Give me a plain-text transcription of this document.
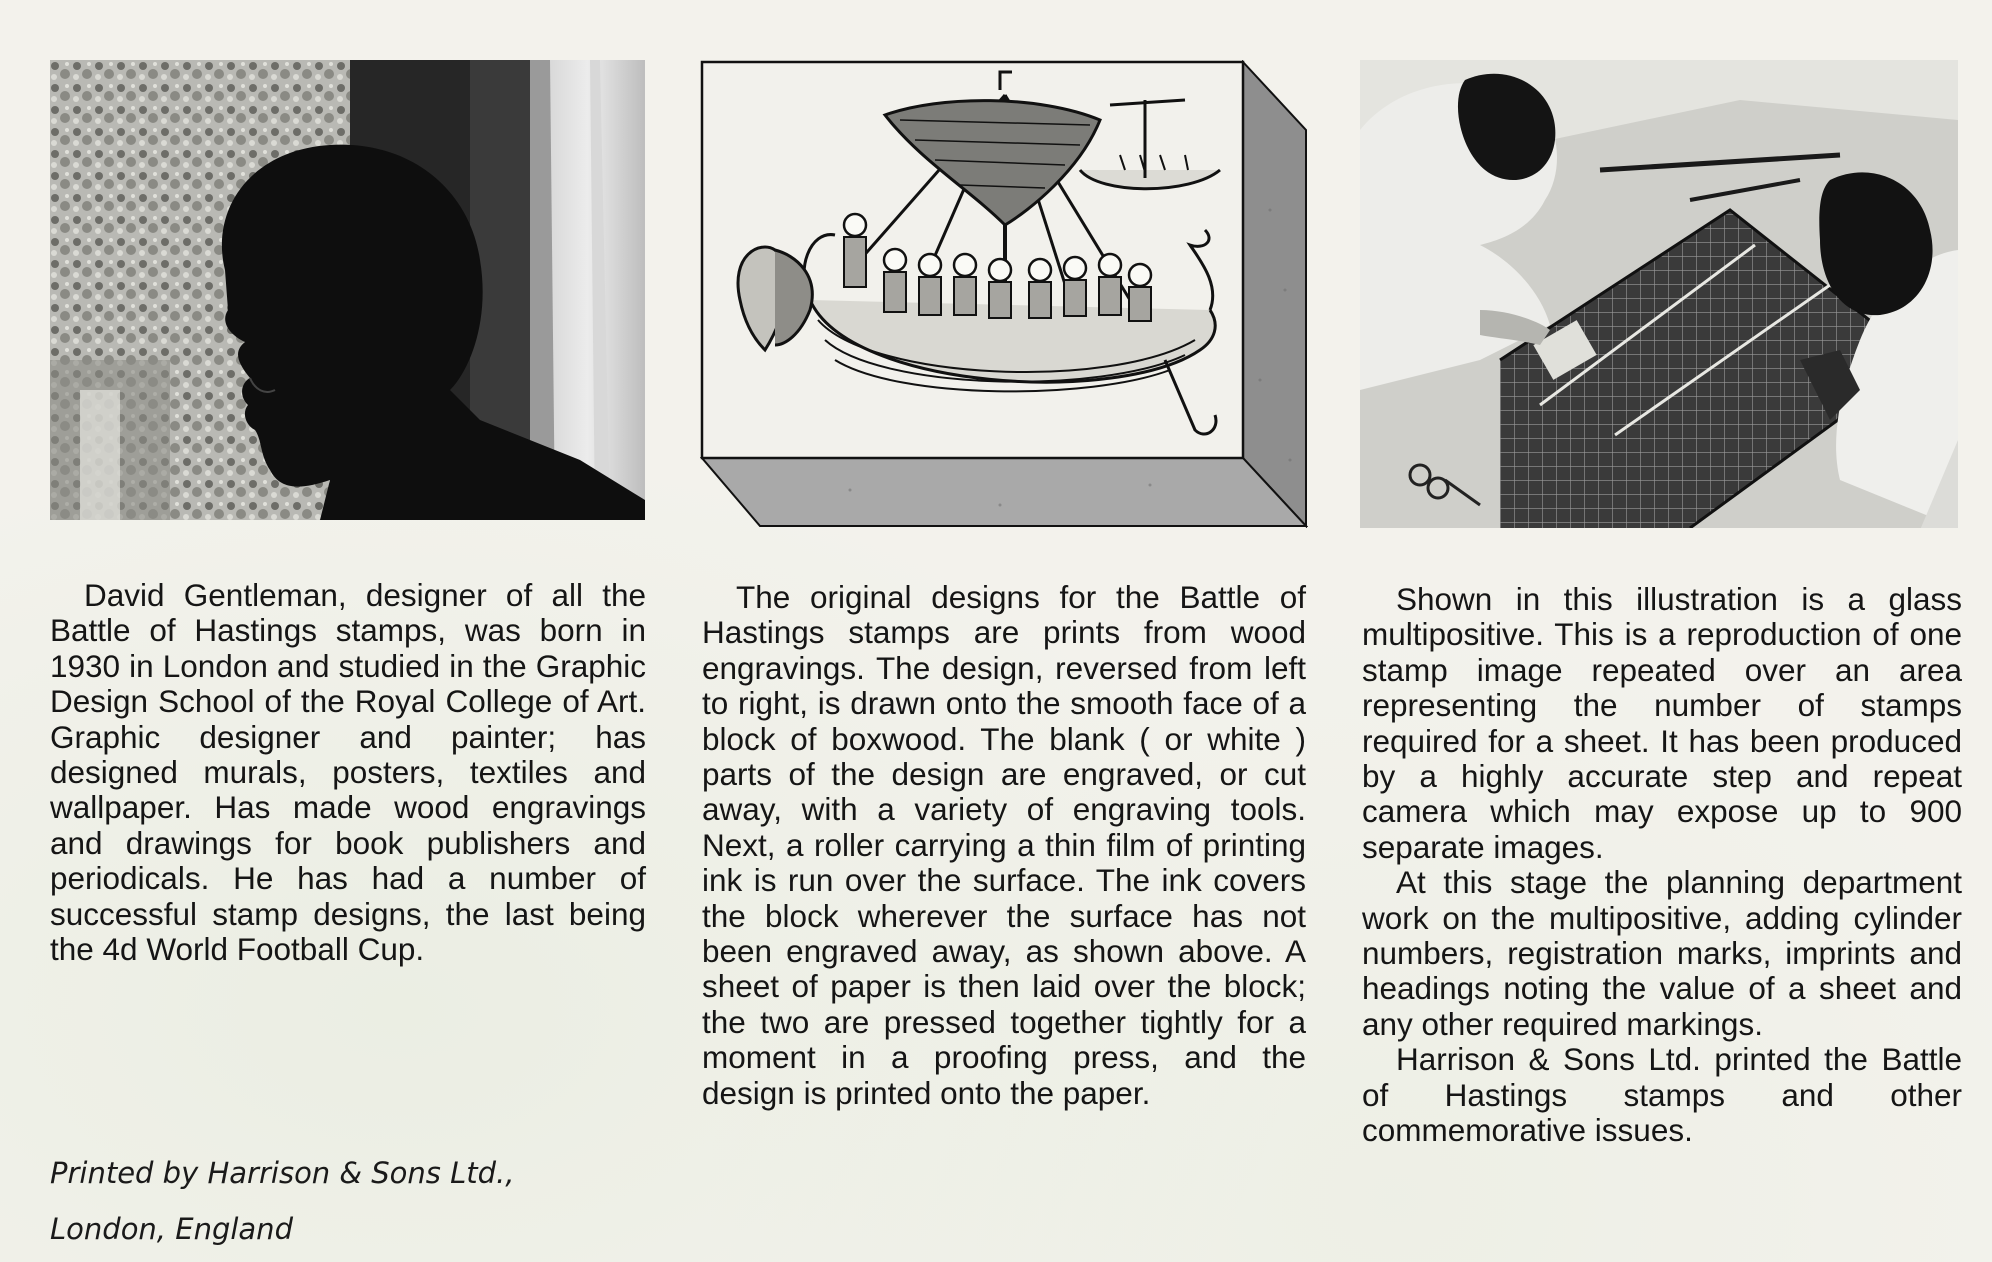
David Gentleman, designer of all the Battle of Hastings stamps, was born in 1930 in London and studied in the Graphic Design School of the Royal College of Art. Graphic designer and painter; has designed murals, posters, textiles and wallpaper. Has made wood engravings and drawings for book publishers and periodicals. He has had a number of successful stamp designs, the last being the 4d World Football Cup.

The original designs for the Battle of Hastings stamps are prints from wood engravings. The design, reversed from left to right, is drawn onto the smooth face of a block of boxwood. The blank ( or white ) parts of the design are engraved, or cut away, with a variety of engraving tools. Next, a roller carrying a thin film of printing ink is run over the surface. The ink covers the block wherever the surface has not been engraved away, as shown above. A sheet of paper is then laid over the block; the two are pressed together tightly for a moment in a proofing press, and the design is printed onto the paper.

Shown in this illustration is a glass multipositive. This is a reproduction of one stamp image repeated over an area representing the number of stamps required for a sheet. It has been produced by a highly accurate step and repeat camera which may expose up to 900 separate images.

At this stage the planning department work on the multipositive, adding cylinder numbers, registration marks, imprints and headings noting the value of a sheet and any other required markings.

Harrison & Sons Ltd. printed the Battle of Hastings stamps and other commemorative issues.

Printed by Harrison & Sons Ltd.,

London, England
